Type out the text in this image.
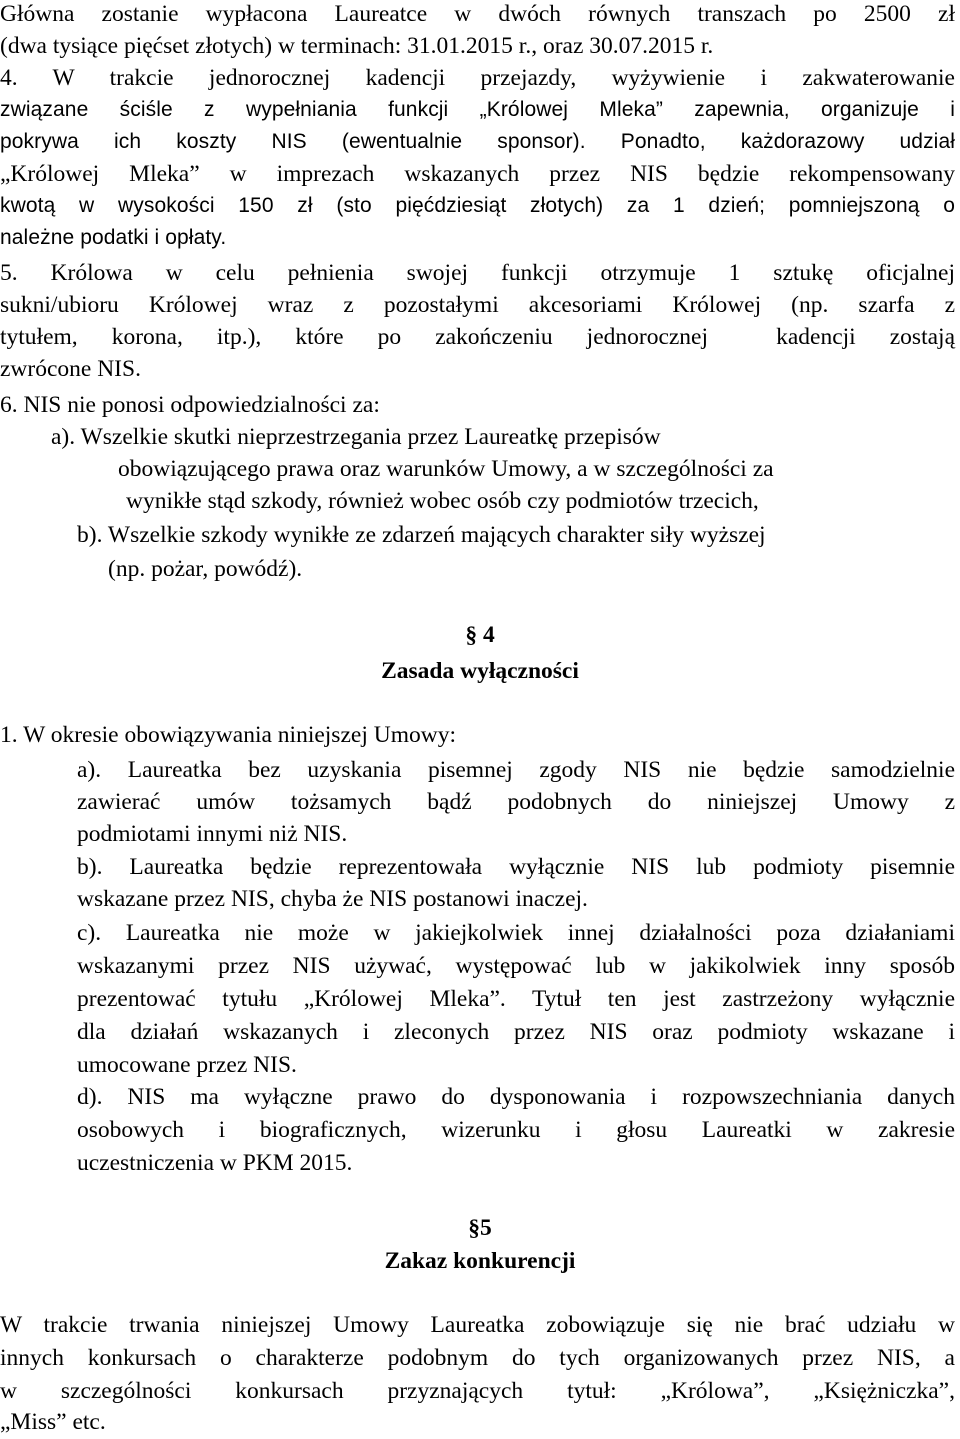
Główna zostanie wypłacona Laureatce w dwóch równych transzach po 2500 zł
(dwa tysiące pięćset złotych) w terminach: 31.01.2015 r., oraz 30.07.2015 r.
4. W trakcie jednorocznej kadencji przejazdy, wyżywienie i zakwaterowanie
związane ściśle z wypełniania funkcji „Królowej Mleka” zapewnia, organizuje i
pokrywa ich koszty NIS (ewentualnie sponsor). Ponadto, każdorazowy udział
„Królowej Mleka” w imprezach wskazanych przez NIS będzie rekompensowany
kwotą w wysokości 150 zł (sto pięćdziesiąt złotych) za 1 dzień; pomniejszoną o
należne podatki i opłaty.
5. Królowa w celu pełnienia swojej funkcji otrzymuje 1 sztukę oficjalnej
sukni/ubioru Królowej wraz z pozostałymi akcesoriami Królowej (np. szarfa z
tytułem, korona, itp.), które po zakończeniu jednorocznej  kadencji zostają
zwrócone NIS.
6. NIS nie ponosi odpowiedzialności za:
a). Wszelkie skutki nieprzestrzegania przez Laureatkę przepisów
obowiązującego prawa oraz warunków Umowy, a w szczególności za
wynikłe stąd szkody, również wobec osób czy podmiotów trzecich,
b). Wszelkie szkody wynikłe ze zdarzeń mających charakter siły wyższej
(np. pożar, powódź).
§ 4
Zasada wyłączności
1. W okresie obowiązywania niniejszej Umowy:
a). Laureatka bez uzyskania pisemnej zgody NIS nie będzie samodzielnie
zawierać umów tożsamych bądź podobnych do niniejszej Umowy z
podmiotami innymi niż NIS.
b). Laureatka będzie reprezentowała wyłącznie NIS lub podmioty pisemnie
wskazane przez NIS, chyba że NIS postanowi inaczej.
c). Laureatka nie może w jakiejkolwiek innej działalności poza działaniami
wskazanymi przez NIS używać, występować lub w jakikolwiek inny sposób
prezentować tytułu „Królowej Mleka”. Tytuł ten jest zastrzeżony wyłącznie
dla działań wskazanych i zleconych przez NIS oraz podmioty wskazane i
umocowane przez NIS.
d). NIS ma wyłączne prawo do dysponowania i rozpowszechniania danych
osobowych i biograficznych, wizerunku i głosu Laureatki w zakresie
uczestniczenia w PKM 2015.
§5
Zakaz konkurencji
W trakcie trwania niniejszej Umowy Laureatka zobowiązuje się nie brać udziału w
innych konkursach o charakterze podobnym do tych organizowanych przez NIS, a
w szczególności konkursach przyznających tytuł: „Królowa”, „Księżniczka”,
„Miss” etc.
